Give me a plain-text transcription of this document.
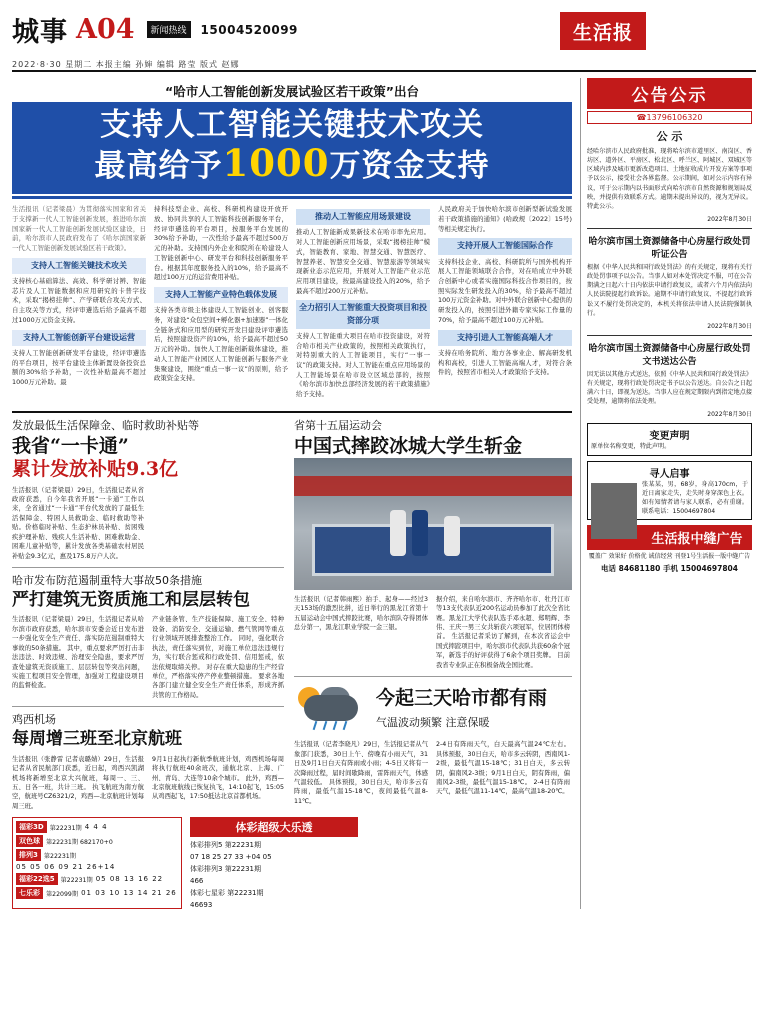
城事 A04	新闻热线	15004520099
2022·8·30 星期二 本报主编 孙婶 编辑 路莹 版式 赵娜
生活报
“哈市人工智能创新发展试验区若干政策”出台
支持人工智能关键技术攻关
最高给予1000万资金支持

生活报讯（记者梁晨）为贯彻落实国家和省关于支撑新一代人工智能创新发展，推进哈尔滨国家新一代人工智能创新发展试验区建设，日前，哈尔滨市人民政府发布了《哈尔滨国家新一代人工智能创新发展试验区若干政策》。

支持人工智能关键技术攻关

支持核心基础算法、高效、科学研讨辨、智能芯片及人工智能数据和应用研究的卡普字技术，采取“揭榜挂帅”、产学研联合攻关方式、自主攻关等方式，经评审遴选后给予最高不超过1000万元资金支持。

支持人工智能创新平台建设运营

支持人工智能创新研发平台建设，经评审遴选的平台项目，按平台建设主体新置设备投资总额的30%给予补助，一次性补贴最高不超过1000万元补助。最

持科技型企业、高校、科研机构建设开放开放、协同共享的人工智能科技创新服务平台，经评审遴选的平台项目，按服务平台发展的30%给予补助，一次性给予最高不超过500万元的补助。支持国内外企业和院所在哈建设人工智能创新中心、研发平台和科技创新服务平台。根据其年度服务投入的10%，给予最高不超过100万元的运营费用补贴。

支持人工智能产业特色载体发展

支持各类市级主体建设人工智能创业、创客服务，对建设“众包空间+孵化器+加速器”一体化全链条式和应用型的研究开发目建设评审遴选后，按照建设资产的10%，给予最高不超过50万元的补助。加快人工智能创新载体建设，推动人工智能产业园区人工智能创新与服务产业集聚建设，围绕“重点一事一议”的原则，给予政策资金支持。

推动人工智能应用场景建设

推动人工智能新成果新技术在哈市率先应用。对人工智能创新应用场景，采取“揭榜挂帅”模式，智能教育、家地、智慧交通、智慧医疗、智慧养老、智慧安全交通、智慧旅游等领域实现新业态示范应用，开展对人工智能产业示范应用项目建设，按最高建设投入的20%，给予最高不超过200万元补贴。

全力招引人工智能重大投资项目和投资部分项

支持人工智能重大项目在哈市投资建设，对符合哈市相关产业政策的，按照相关政策执行，对特别重大的人工智能项目，实行“一事一议”的政策支持。对人工智能在重点应用场景的人工智能场景在哈市设立区域总部的，按照《哈尔滨市加快总部经济发展的若干政策措施》给予支持。

人民政府关于加快哈尔滨市创新型新试验发展若干政策措施的通知》(哈政规〔2022〕15号)等相关规定执行。

支持开展人工智能国际合作

支持科技企业、高校、科研院所与国外机构开展人工智能领域联合合作，对在哈成立中外联合创新中心或者实施国际科技合作项目的，按照实际发生研发投入的30%，给予最高不超过100万元资金补助。对中外联合创新中心提供的研发投入的，按照引进外籍专家实际工作量的70%，给予最高不超过100万元补贴。

支持引进人工智能高端人才

支持在哈务院所、地方各事业企、解高研发机构和高校，引进人工智能高端人才，对符合条件的，按照省市相关人才政策给予支持。

发放最低生活保障金、临时救助补贴等
我省“一卡通”
累计发放补贴9.3亿
生活报讯（记者梁晨）29日，生活报记者从省政府获悉，自今年我省开展“一卡通”工作以来，全省通过“一卡通”平台代发放的了最低生活保障金、特困人员救助金、临时救助等补贴。价格临时补贴、生态护林员补贴、贫困残疾护理补贴、残疾人生活补贴、困难救助金、困难儿童补贴等，累计发放各类基础农村居民补贴金9.3亿元，惠及175.8万户人次。
哈市发布防范遏制重特大事故50条措施
严打建筑无资质施工和层层转包
生活报讯（记者梁晨）29日，生活报记者从哈尔滨市政府获悉，哈尔滨市安委会近日发布进一步强化安全生产责任、落实防范遏制重特大事故的50条措施。 其中，重点要求严厉打击非法违法、时效违规、治理安全隐患，要求严厉查处建筑无资质施工、层层转包等突出问题，实施工程项目安全管理，加强对工程建设项目的监督检查。
产业链条管、生产技能保障、施工安全、特种设备、消防安全、交通运输、燃气管网等重点行业领域开展排查整治工作。 同时，强化联合执法，责任落实到位，对施工单位违法违规行为，实行联合惩戒和行政处罚、信用惩戒，依法依规取缔关停。 对存在重大隐患的生产经营单位，严格落实停产停业整顿措施。 要求各地各部门建立健全安全生产责任体系，形成齐抓共管的工作格局。
鸡西机场
每周增三班至北京航班
生活报讯（张静雷 记者袁璐婧）29日，生活报记者从省民航部门获悉，近日起，鸡西兴凯湖机场将新增至北京大兴航班，每周一、三、五、日各一班，共计三班。 执飞航班为南方航空，航班号CZ6321/2，鸡西—北京航班计划每周三班。
9月1日起执行新航季航班计划，鸡西机场每周将执行航班40余班次，通航北京、上海、广州、青岛、大连等10余个城市。 此外，鸡西—北京航班航线已恢复执飞，14:10起飞，15:05从鸡西起飞，17:50抵达北京首都机场。
省第十五届运动会
中国式摔跤冰城大学生斩金
生活报讯（记者韩雨熙）拍手、起身——经过3天153场的激烈比拼，近日举行的黑龙江省第十五届运动会中国式摔跤比赛，哈尔滨队夺得团体总分第一，黑龙江职业学院一金三银。
据介绍，来自哈尔滨市、齐齐哈尔市、牡丹江市等13支代表队近200名运动员参加了此次全省比赛。黑龙江大学代表队选手邓永超、郑明辉、李伟、王庆一男三女共斩获六项冠军，位居团体榜首。 生活报记者采访了解到，在本次省运会中国式摔跤项目中，哈尔滨市代表队共获60余个冠军，新选手的好评获得了6余个项目奖牌。 目前我省专业队正在积极备战全国比赛。
今起三天哈市都有雨
气温波动频繁 注意保暖
生活报讯（记者李晓凡）29日，生活报记者从气象部门获悉，30日上午、傍晚有小雨天气，31日及9月1日白天有阵雨或小雨；4-5日又将有一次降雨过程，届时间歇降雨，雷阵雨天气，体感气温较低。 具体预报，30日白天，哈市多云有阵雨，最低气温15-18℃，夜间最低气温8-11℃。
2-4日有阵雨天气，白天最高气温24℃左右。 具体预报，30日白天，哈市多云转阴，西南风1-2级，最低气温15-18℃；31日白天，多云转阴，偏南风2-3级；9月1日白天，阴有阵雨，偏南风2-3级，最低气温15-18℃。 2-4日有阵雨天气，最低气温11-14℃，最高气温18-20℃。
福彩3D 第22231期 4 4 4
双色球 第22231期 682170+0
排列3 第22231期
05 05 06 09 21 26+14
福彩22选5 第22231期 05 08 13 16 22
七乐彩 第22099期 01 03 10 13 14 21 26
体彩超级大乐透
体彩排列5 第22231期
07 18 25 27 33 +04 05
体彩排列3 第22231期
466
体彩七星彩 第22231期
46693
公告公示
☎13796106320
公 示
经哈尔滨市人民政府批准，现将哈尔滨市道里区、南岗区、香坊区、道外区、平房区、松北区、呼兰区、阿城区、双城区等区域内涉及城市更新改造项目、土地征收成片开发方案等事项予以公示，接受社会各界监督。公示期间，如对公示内容有异议，可于公示期内以书面形式向哈尔滨市自然资源和规划局反映，并提供有效联系方式。逾期未提出异议的，视为无异议。特此公示。
2022年8月30日
哈尔滨市国土资源储备中心房屋行政处罚听证公告
根据《中华人民共和国行政处罚法》的有关规定，现将有关行政处罚事项予以公告。当事人如对本处罚决定不服，可在公告期满之日起六十日内依法申请行政复议，或者六个月内依法向人民法院提起行政诉讼。逾期不申请行政复议、不提起行政诉讼又不履行处罚决定的，本机关将依法申请人民法院强制执行。
2022年8月30日
哈尔滨市国土资源储备中心房屋行政处罚文书送达公告
因无法以其他方式送达，依照《中华人民共和国行政处罚法》有关规定，现将行政处罚决定书予以公告送达。自公告之日起满六十日，即视为送达。当事人应在规定期限内到指定地点接受处理，逾期将依法处理。
2022年8月30日
变更声明
原单位名称变更，特此声明。
寻人启事
张某某，男，68岁，身高170cm，于近日离家走失，走失时身穿深色上衣。如有知情者请与家人联系，必有重谢。联系电话：15004697804
生活报中缝广告
覆盖广 效果好 价格优 诚信经营 刊登1号生活报一版中缝广告
电话 84681180 手机 15004697804
